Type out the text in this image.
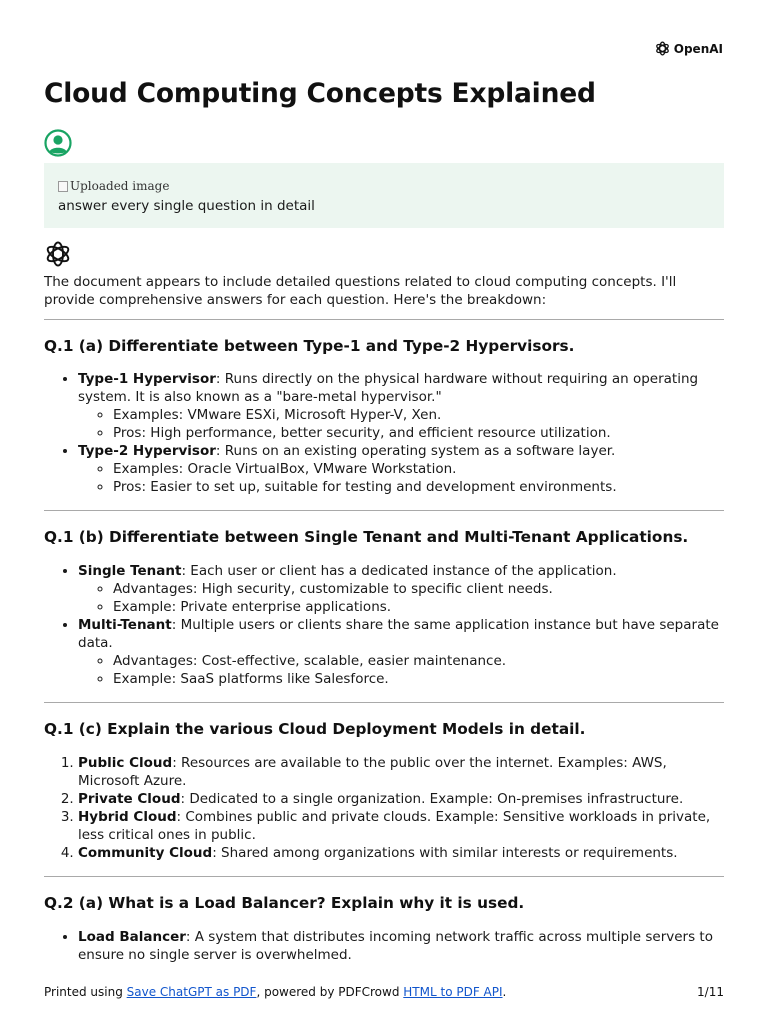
OpenAI
Cloud Computing Concepts Explained
Uploaded image
answer every single question in detail

The document appears to include detailed questions related to cloud computing concepts. I'll provide comprehensive answers for each question. Here's the breakdown:

Q.1 (a) Differentiate between Type-1 and Type-2 Hypervisors.
• Type-1 Hypervisor: Runs directly on the physical hardware without requiring an operating system. It is also known as a "bare-metal hypervisor."
◦ Examples: VMware ESXi, Microsoft Hyper-V, Xen.
◦ Pros: High performance, better security, and efficient resource utilization.
• Type-2 Hypervisor: Runs on an existing operating system as a software layer.
◦ Examples: Oracle VirtualBox, VMware Workstation.
◦ Pros: Easier to set up, suitable for testing and development environments.
Q.1 (b) Differentiate between Single Tenant and Multi-Tenant Applications.
• Single Tenant: Each user or client has a dedicated instance of the application.
◦ Advantages: High security, customizable to specific client needs.
◦ Example: Private enterprise applications.
• Multi-Tenant: Multiple users or clients share the same application instance but have separate data.
◦ Advantages: Cost-effective, scalable, easier maintenance.
◦ Example: SaaS platforms like Salesforce.
Q.1 (c) Explain the various Cloud Deployment Models in detail.
1. Public Cloud: Resources are available to the public over the internet. Examples: AWS, Microsoft Azure.
2. Private Cloud: Dedicated to a single organization. Example: On-premises infrastructure.
3. Hybrid Cloud: Combines public and private clouds. Example: Sensitive workloads in private, less critical ones in public.
4. Community Cloud: Shared among organizations with similar interests or requirements.
Q.2 (a) What is a Load Balancer? Explain why it is used.
• Load Balancer: A system that distributes incoming network traffic across multiple servers to ensure no single server is overwhelmed.
Printed using Save ChatGPT as PDF, powered by PDFCrowd HTML to PDF API.	1/11
